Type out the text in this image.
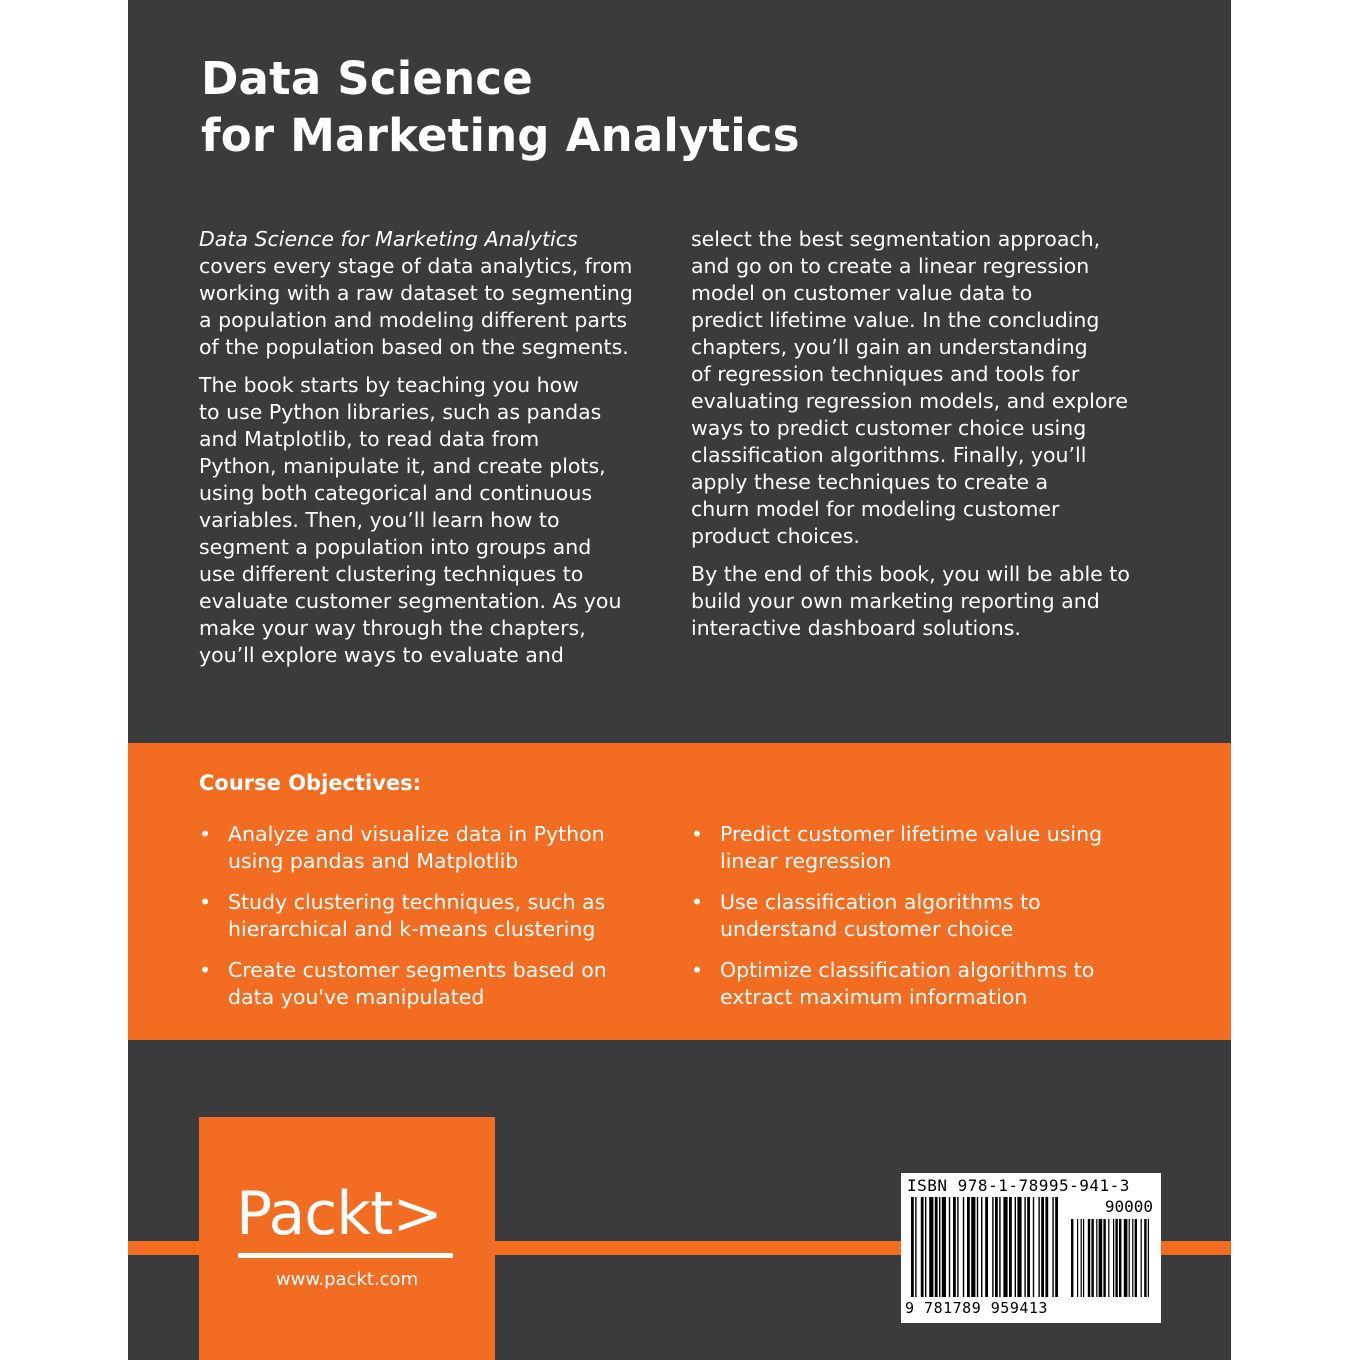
Data Science
for Marketing Analytics

Data Science for Marketing Analytics
covers every stage of data analytics, from
working with a raw dataset to segmenting
a population and modeling different parts
of the population based on the segments.

The book starts by teaching you how
to use Python libraries, such as pandas
and Matplotlib, to read data from
Python, manipulate it, and create plots,
using both categorical and continuous
variables. Then, you’ll learn how to
segment a population into groups and
use different clustering techniques to
evaluate customer segmentation. As you
make your way through the chapters,
you’ll explore ways to evaluate and

select the best segmentation approach,
and go on to create a linear regression
model on customer value data to
predict lifetime value. In the concluding
chapters, you’ll gain an understanding
of regression techniques and tools for
evaluating regression models, and explore
ways to predict customer choice using
classification algorithms. Finally, you’ll
apply these techniques to create a
churn model for modeling customer
product choices.

By the end of this book, you will be able to
build your own marketing reporting and
interactive dashboard solutions.

Course Objectives:
• Analyze and visualize data in Python
using pandas and Matplotlib
• Study clustering techniques, such as
hierarchical and k-means clustering
• Create customer segments based on
data you've manipulated
• Predict customer lifetime value using
linear regression
• Use classification algorithms to
understand customer choice
• Optimize classification algorithms to
extract maximum information
Packt>
www.packt.com
ISBN 978-1-78995-941-3
90000
9 781789 959413
